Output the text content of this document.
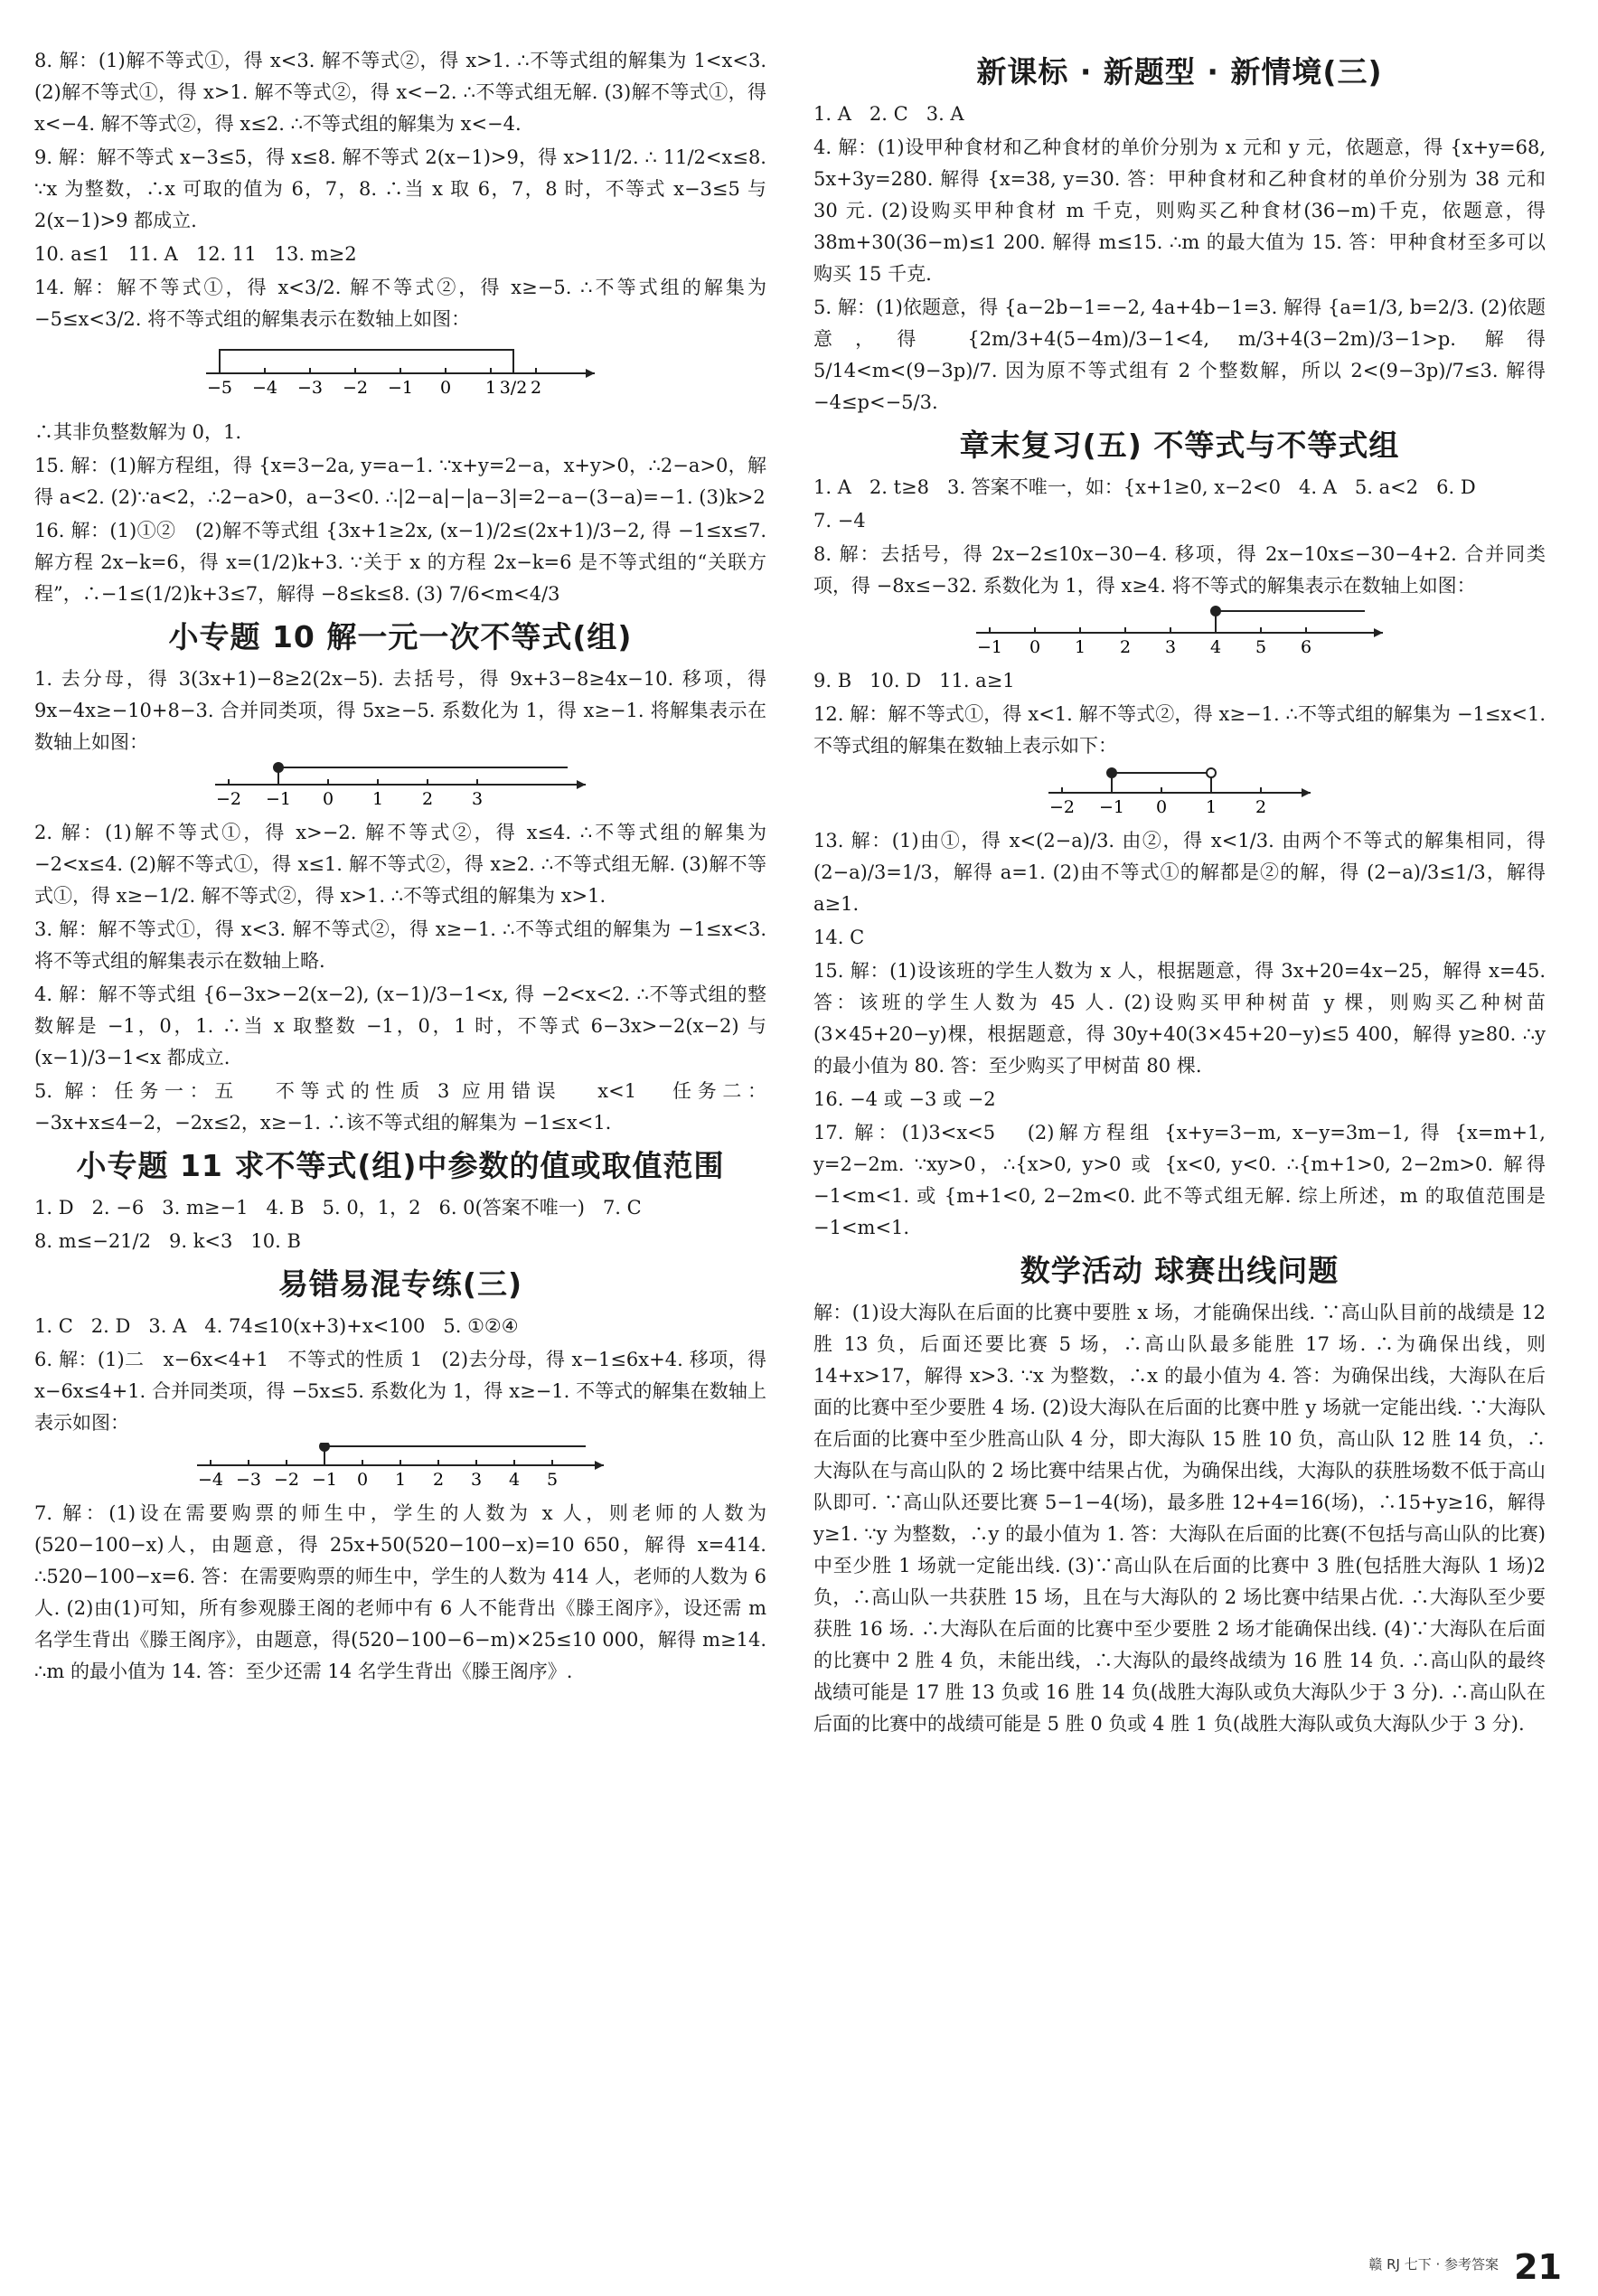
8. 解：(1)解不等式①，得 x<3. 解不等式②，得 x>1. ∴不等式组的解集为 1<x<3. (2)解不等式①，得 x>1. 解不等式②，得 x<−2. ∴不等式组无解. (3)解不等式①，得 x<−4. 解不等式②，得 x≤2. ∴不等式组的解集为 x<−4.

9. 解：解不等式 x−3≤5，得 x≤8. 解不等式 2(x−1)>9，得 x>11/2. ∴ 11/2<x≤8. ∵x 为整数，∴x 可取的值为 6，7，8. ∴当 x 取 6，7，8 时，不等式 x−3≤5 与 2(x−1)>9 都成立.

10. a≤1   11. A   12. 11   13. m≥2

14. 解：解不等式①，得 x<3/2. 解不等式②，得 x≥−5. ∴不等式组的解集为 −5≤x<3/2. 将不等式组的解集表示在数轴上如图：

−5 −4 −3 −2 −1 0 1 3/2 2

∴其非负整数解为 0，1.

15. 解：(1)解方程组，得 {x=3−2a, y=a−1. ∵x+y=2−a，x+y>0，∴2−a>0，解得 a<2. (2)∵a<2，∴2−a>0，a−3<0. ∴|2−a|−|a−3|=2−a−(3−a)=−1. (3)k>2

16. 解：(1)①②   (2)解不等式组 {3x+1≥2x, (x−1)/2≤(2x+1)/3−2, 得 −1≤x≤7. 解方程 2x−k=6，得 x=(1/2)k+3. ∵关于 x 的方程 2x−k=6 是不等式组的“关联方程”，∴−1≤(1/2)k+3≤7，解得 −8≤k≤8. (3) 7/6<m<4/3

小专题 10 解一元一次不等式(组)

1. 去分母，得 3(3x+1)−8≥2(2x−5). 去括号，得 9x+3−8≥4x−10. 移项，得 9x−4x≥−10+8−3. 合并同类项，得 5x≥−5. 系数化为 1，得 x≥−1. 将解集表示在数轴上如图：

−2 −1 0 1 2 3

2. 解：(1)解不等式①，得 x>−2. 解不等式②，得 x≤4. ∴不等式组的解集为 −2<x≤4. (2)解不等式①，得 x≤1. 解不等式②，得 x≥2. ∴不等式组无解. (3)解不等式①，得 x≥−1/2. 解不等式②，得 x>1. ∴不等式组的解集为 x>1.

3. 解：解不等式①，得 x<3. 解不等式②，得 x≥−1. ∴不等式组的解集为 −1≤x<3. 将不等式组的解集表示在数轴上略.

4. 解：解不等式组 {6−3x>−2(x−2), (x−1)/3−1<x, 得 −2<x<2. ∴不等式组的整数解是 −1，0，1. ∴当 x 取整数 −1，0，1 时，不等式 6−3x>−2(x−2) 与 (x−1)/3−1<x 都成立.

5. 解：任务一：五   不等式的性质 3 应用错误   x<1   任务二：−3x+x≤4−2，−2x≤2，x≥−1. ∴该不等式组的解集为 −1≤x<1.

小专题 11 求不等式(组)中参数的值或取值范围

1. D   2. −6   3. m≥−1   4. B   5. 0，1，2   6. 0(答案不唯一)   7. C

8. m≤−21/2   9. k<3   10. B

易错易混专练(三)

1. C   2. D   3. A   4. 74≤10(x+3)+x<100   5. ①②④

6. 解：(1)二   x−6x<4+1   不等式的性质 1   (2)去分母，得 x−1≤6x+4. 移项，得 x−6x≤4+1. 合并同类项，得 −5x≤5. 系数化为 1，得 x≥−1. 不等式的解集在数轴上表示如图：

−4 −3 −2 −1 0 1 2 3 4 5

7. 解：(1)设在需要购票的师生中，学生的人数为 x 人，则老师的人数为(520−100−x)人，由题意，得 25x+50(520−100−x)=10 650，解得 x=414. ∴520−100−x=6. 答：在需要购票的师生中，学生的人数为 414 人，老师的人数为 6 人. (2)由(1)可知，所有参观滕王阁的老师中有 6 人不能背出《滕王阁序》，设还需 m 名学生背出《滕王阁序》，由题意，得(520−100−6−m)×25≤10 000，解得 m≥14. ∴m 的最小值为 14. 答：至少还需 14 名学生背出《滕王阁序》.

新课标 · 新题型 · 新情境(三)

1. A   2. C   3. A

4. 解：(1)设甲种食材和乙种食材的单价分别为 x 元和 y 元，依题意，得 {x+y=68, 5x+3y=280. 解得 {x=38, y=30. 答：甲种食材和乙种食材的单价分别为 38 元和 30 元. (2)设购买甲种食材 m 千克，则购买乙种食材(36−m)千克，依题意，得 38m+30(36−m)≤1 200. 解得 m≤15. ∴m 的最大值为 15. 答：甲种食材至多可以购买 15 千克.

5. 解：(1)依题意，得 {a−2b−1=−2, 4a+4b−1=3. 解得 {a=1/3, b=2/3. (2)依题意，得 {2m/3+4(5−4m)/3−1<4, m/3+4(3−2m)/3−1>p. 解得 5/14<m<(9−3p)/7. 因为原不等式组有 2 个整数解，所以 2<(9−3p)/7≤3. 解得 −4≤p<−5/3.

章末复习(五) 不等式与不等式组

1. A   2. t≥8   3. 答案不唯一，如：{x+1≥0, x−2<0   4. A   5. a<2   6. D

7. −4

8. 解：去括号，得 2x−2≤10x−30−4. 移项，得 2x−10x≤−30−4+2. 合并同类项，得 −8x≤−32. 系数化为 1，得 x≥4. 将不等式的解集表示在数轴上如图：

−1 0 1 2 3 4 5 6

9. B   10. D   11. a≥1

12. 解：解不等式①，得 x<1. 解不等式②，得 x≥−1. ∴不等式组的解集为 −1≤x<1. 不等式组的解集在数轴上表示如下：

−2 −1 0 1 2

13. 解：(1)由①，得 x<(2−a)/3. 由②，得 x<1/3. 由两个不等式的解集相同，得 (2−a)/3=1/3，解得 a=1. (2)由不等式①的解都是②的解，得 (2−a)/3≤1/3，解得 a≥1.

14. C

15. 解：(1)设该班的学生人数为 x 人，根据题意，得 3x+20=4x−25，解得 x=45. 答：该班的学生人数为 45 人. (2)设购买甲种树苗 y 棵，则购买乙种树苗(3×45+20−y)棵，根据题意，得 30y+40(3×45+20−y)≤5 400，解得 y≥80. ∴y 的最小值为 80. 答：至少购买了甲树苗 80 棵.

16. −4 或 −3 或 −2

17. 解：(1)3<x<5   (2)解方程组 {x+y=3−m, x−y=3m−1, 得 {x=m+1, y=2−2m. ∵xy>0，∴{x>0, y>0 或 {x<0, y<0. ∴{m+1>0, 2−2m>0. 解得 −1<m<1. 或 {m+1<0, 2−2m<0. 此不等式组无解. 综上所述，m 的取值范围是 −1<m<1.

数学活动 球赛出线问题

解：(1)设大海队在后面的比赛中要胜 x 场，才能确保出线. ∵高山队目前的战绩是 12 胜 13 负，后面还要比赛 5 场，∴高山队最多能胜 17 场. ∴为确保出线，则 14+x>17，解得 x>3. ∵x 为整数，∴x 的最小值为 4. 答：为确保出线，大海队在后面的比赛中至少要胜 4 场. (2)设大海队在后面的比赛中胜 y 场就一定能出线. ∵大海队在后面的比赛中至少胜高山队 4 分，即大海队 15 胜 10 负，高山队 12 胜 14 负，∴大海队在与高山队的 2 场比赛中结果占优，为确保出线，大海队的获胜场数不低于高山队即可. ∵高山队还要比赛 5−1−4(场)，最多胜 12+4=16(场)，∴15+y≥16，解得 y≥1. ∵y 为整数，∴y 的最小值为 1. 答：大海队在后面的比赛(不包括与高山队的比赛)中至少胜 1 场就一定能出线. (3)∵高山队在后面的比赛中 3 胜(包括胜大海队 1 场)2 负，∴高山队一共获胜 15 场，且在与大海队的 2 场比赛中结果占优. ∴大海队至少要获胜 16 场. ∴大海队在后面的比赛中至少要胜 2 场才能确保出线. (4)∵大海队在后面的比赛中 2 胜 4 负，未能出线，∴大海队的最终战绩为 16 胜 14 负. ∴高山队的最终战绩可能是 17 胜 13 负或 16 胜 14 负(战胜大海队或负大海队少于 3 分). ∴高山队在后面的比赛中的战绩可能是 5 胜 0 负或 4 胜 1 负(战胜大海队或负大海队少于 3 分).

赣 RJ 七下 · 参考答案 21
